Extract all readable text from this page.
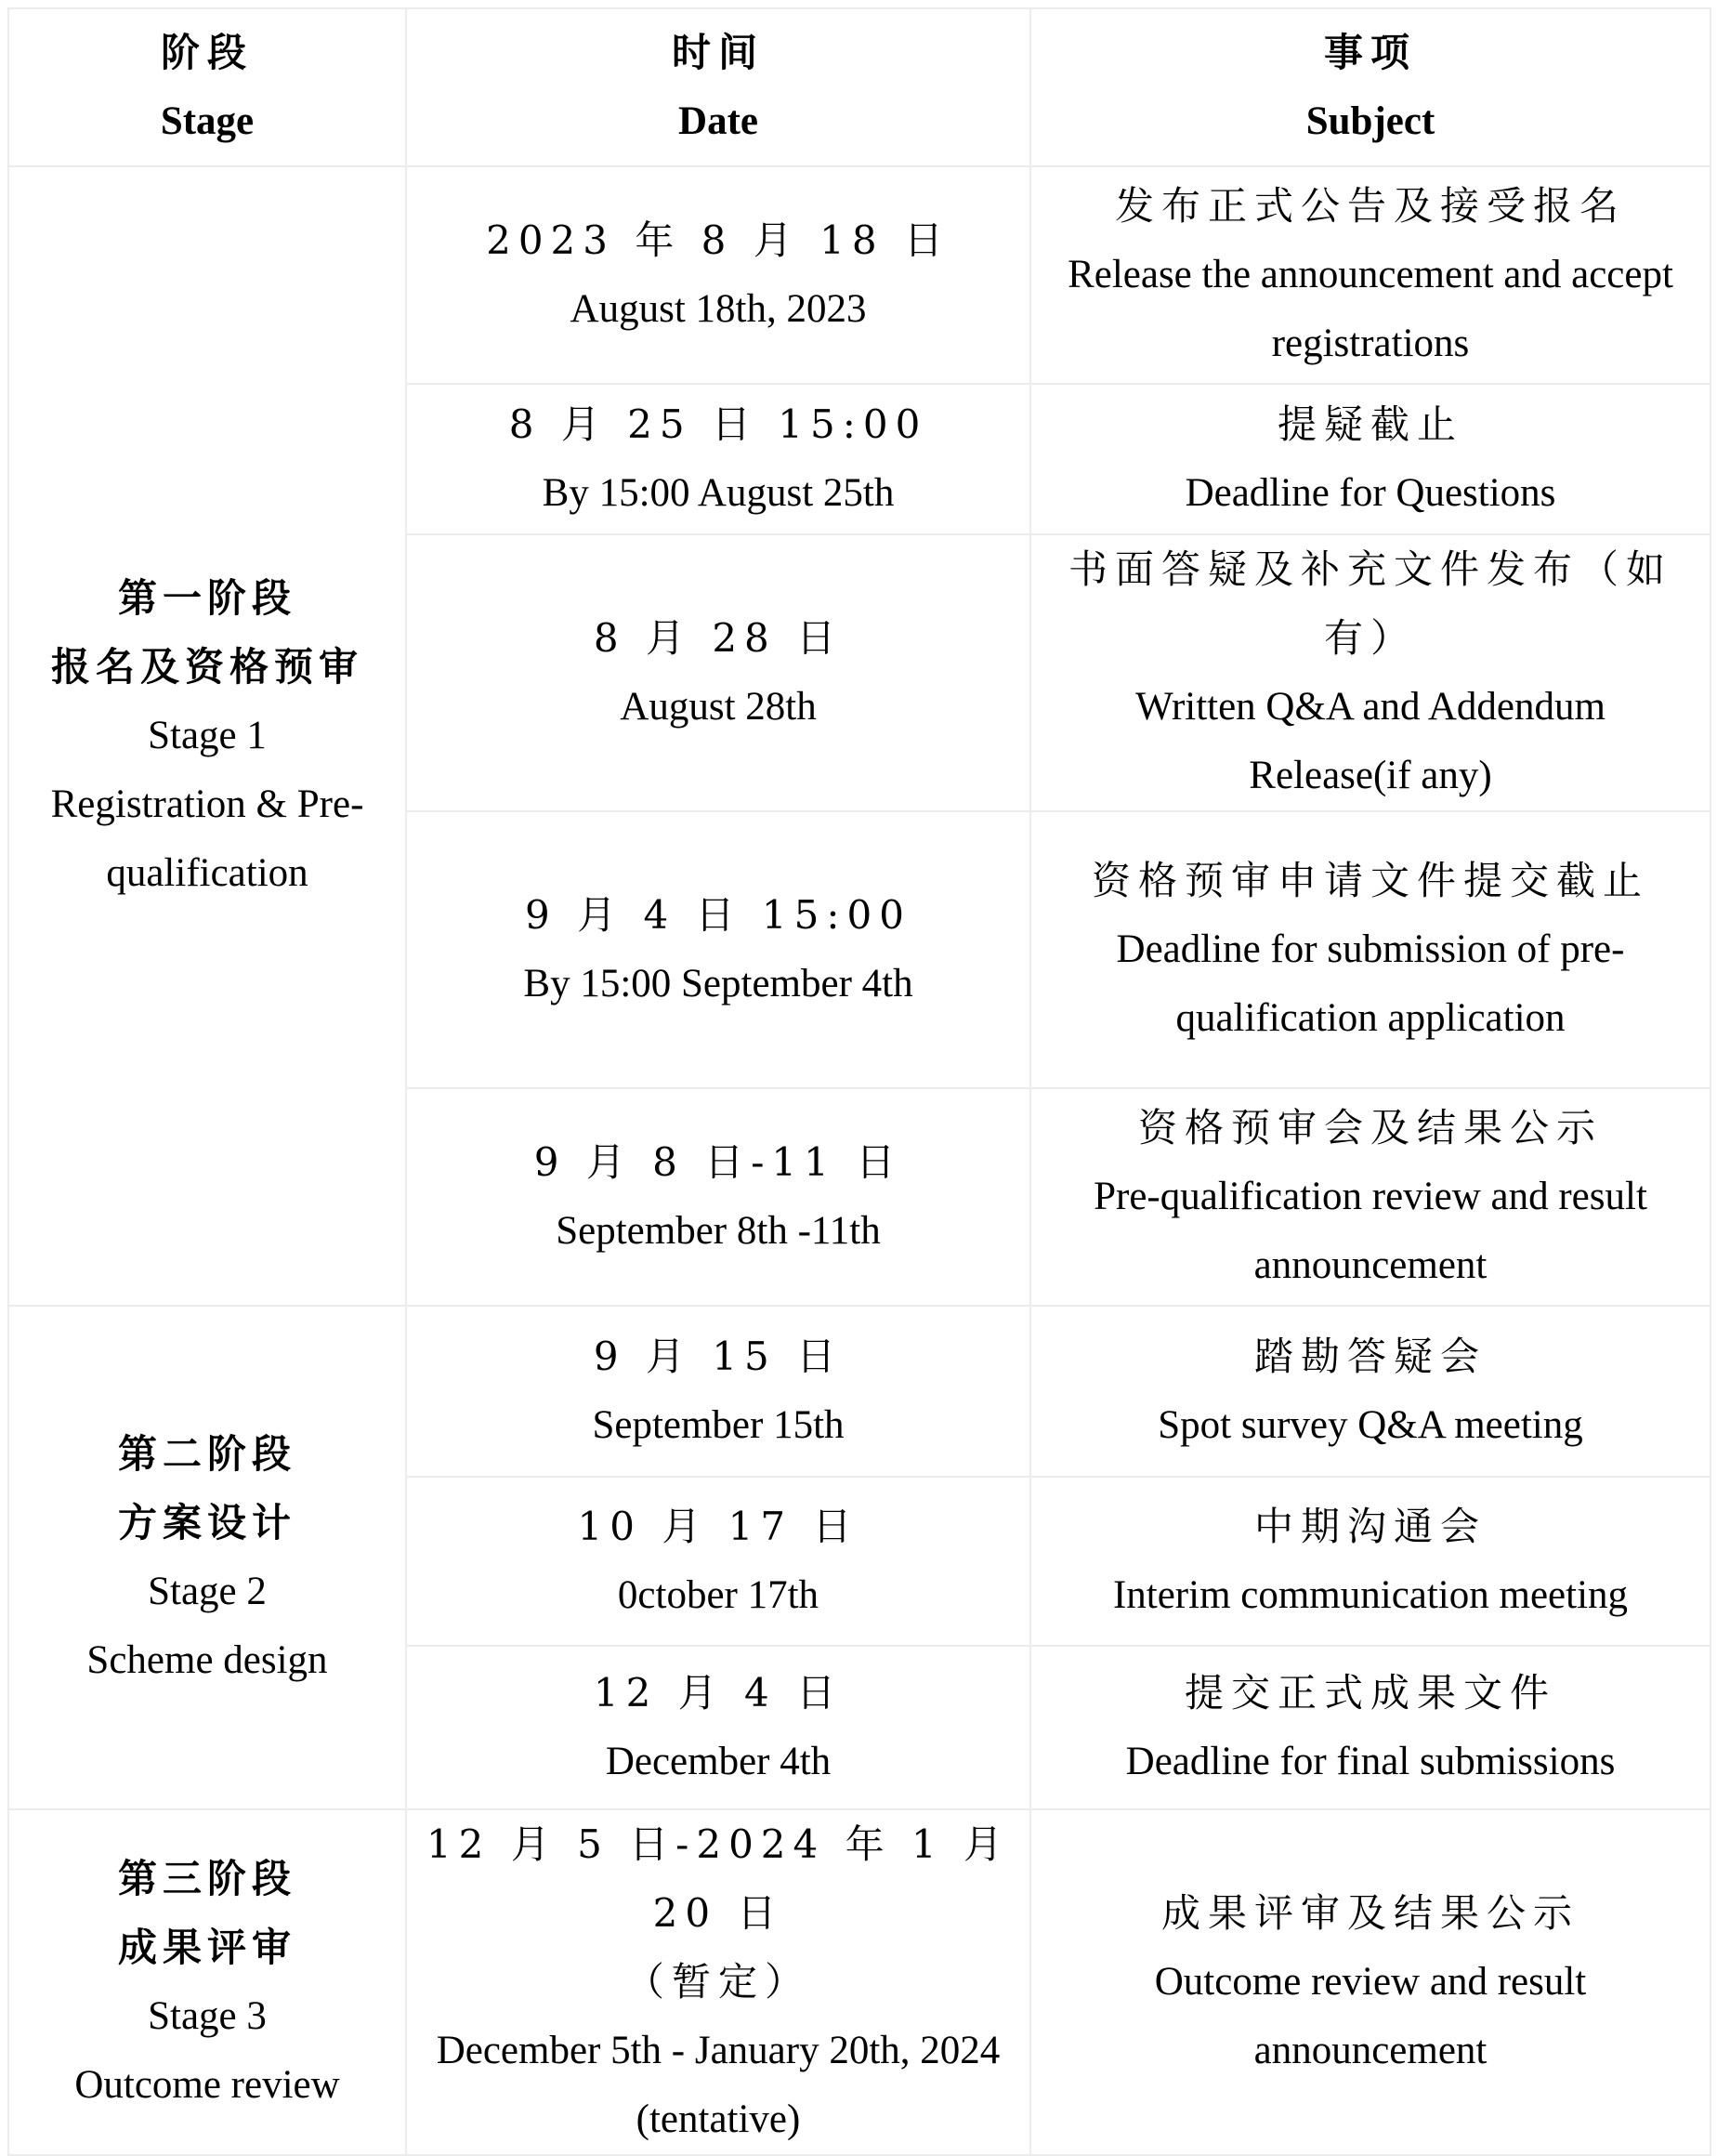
阶段
Stage	时间
Date	事项
Subject

第一阶段
报名及资格预审
Stage 1
Registration & Pre-
qualification	2023 年 8 月 18 日
August 18th, 2023	发布正式公告及接受报名
Release the announcement and accept
registrations

	8 月 25 日 15:00
By 15:00 August 25th	提疑截止
Deadline for Questions

	8 月 28 日
August 28th	书面答疑及补充文件发布（如有）
Written Q&A and Addendum
Release(if any)

	9 月 4 日 15:00
By 15:00 September 4th	资格预审申请文件提交截止
Deadline for submission of pre-
qualification application

	9 月 8 日-11 日
September 8th -11th	资格预审会及结果公示
Pre-qualification review and result
announcement

第二阶段
方案设计
Stage 2
Scheme design	9 月 15 日
September 15th	踏勘答疑会
Spot survey Q&A meeting

	10 月 17 日
0ctober 17th	中期沟通会
Interim communication meeting

	12 月 4 日
December 4th	提交正式成果文件
Deadline for final submissions

第三阶段
成果评审
Stage 3
Outcome review	12 月 5 日-2024 年 1 月 20 日
（暂定）
December 5th - January 20th, 2024
(tentative)	成果评审及结果公示
Outcome review and result
announcement
